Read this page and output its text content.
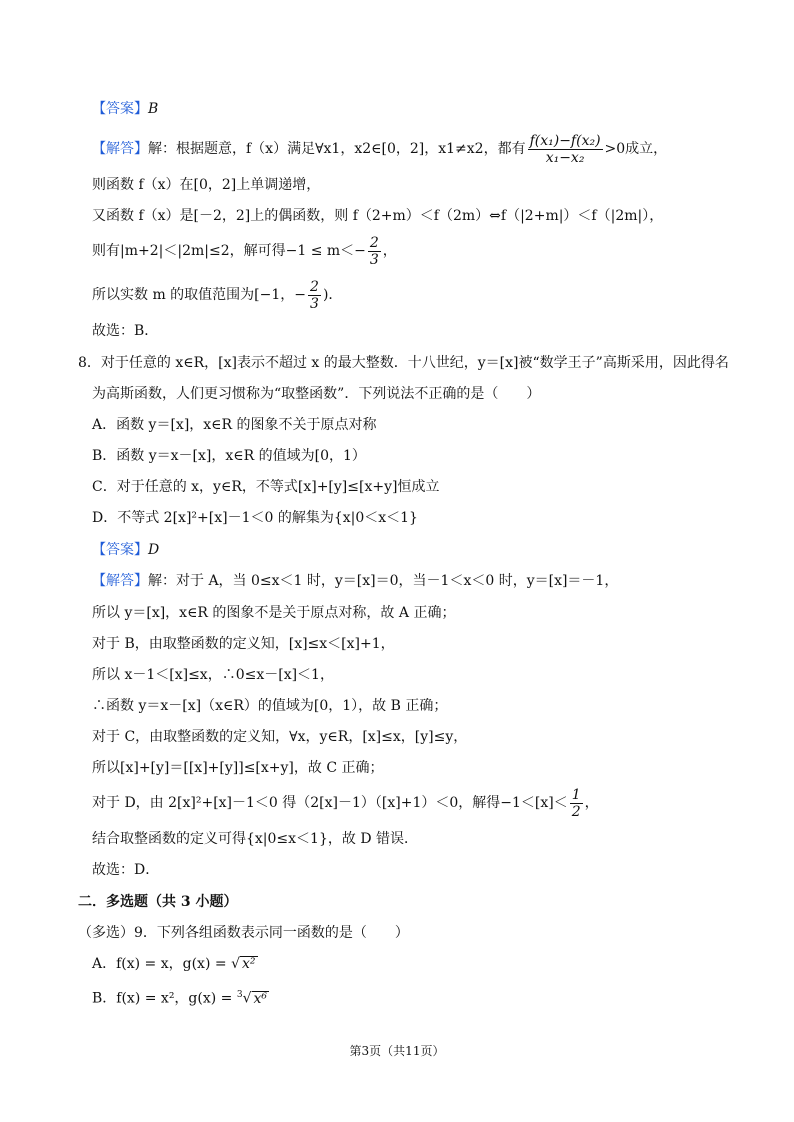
【答案】B
【解答】解：根据题意，f（x）满足∀x1，x2∈[0，2]，x1≠x2，都有 $\frac{\text{f(x₁)−f(x₂)}}{\text{x₁−x₂}} >0$成立，
则函数 f（x）在[0，2]上单调递增，
又函数 f（x）是[－2，2]上的偶函数，则 f（2+m）＜f（2m）⇔f（|2+m|）＜f（|2m|），
则有|m+2|＜|2m|≤2，解可得$-1 \le m<- \frac{2}{3}$ ，
所以实数 m 的取值范围为[−1，− $\frac{2}{3}$ )．
故选：B．
8．对于任意的 x∈R，[x]表示不超过 x 的最大整数．十八世纪，y＝[x]被“数学王子”高斯采用，因此得名
为高斯函数，人们更习惯称为“取整函数”．下列说法不正确的是（　　）
A．函数 y＝[x]，x∈R 的图象不关于原点对称
B．函数 y＝x－[x]，x∈R 的值域为[0，1）
C．对于任意的 x，y∈R，不等式[x]+[y]≤[x+y]恒成立
D．不等式 2[x]²+[x]－1＜0 的解集为{x|0＜x＜1}
【答案】D
【解答】解：对于 A，当 0≤x＜1 时，y＝[x]＝0，当－1＜x＜0 时，y＝[x]＝－1，
所以 y＝[x]，x∈R 的图象不是关于原点对称，故 A 正确；
对于 B，由取整函数的定义知，[x]≤x＜[x]+1，
所以 x－1＜[x]≤x，∴0≤x－[x]＜1，
∴函数 y＝x－[x]（x∈R）的值域为[0，1），故 B 正确；
对于 C，由取整函数的定义知，∀x，y∈R，[x]≤x，[y]≤y，
所以[x]+[y]＝[[x]+[y]]≤[x+y]，故 C 正确；
对于 D，由 2[x]²+[x]－1＜0 得（2[x]－1）（[x]+1）＜0，解得$-1<[x]< \frac{1}{2}$ ，
结合取整函数的定义可得{x|0≤x＜1}，故 D 错误．
故选：D．
二．多选题（共 3 小题）
（多选）9．下列各组函数表示同一函数的是（　　）
A．f(x) = x，g(x) = √ x²
B．f(x) = x²，g(x) = $^3$√ x⁶
第3页（共11页）
